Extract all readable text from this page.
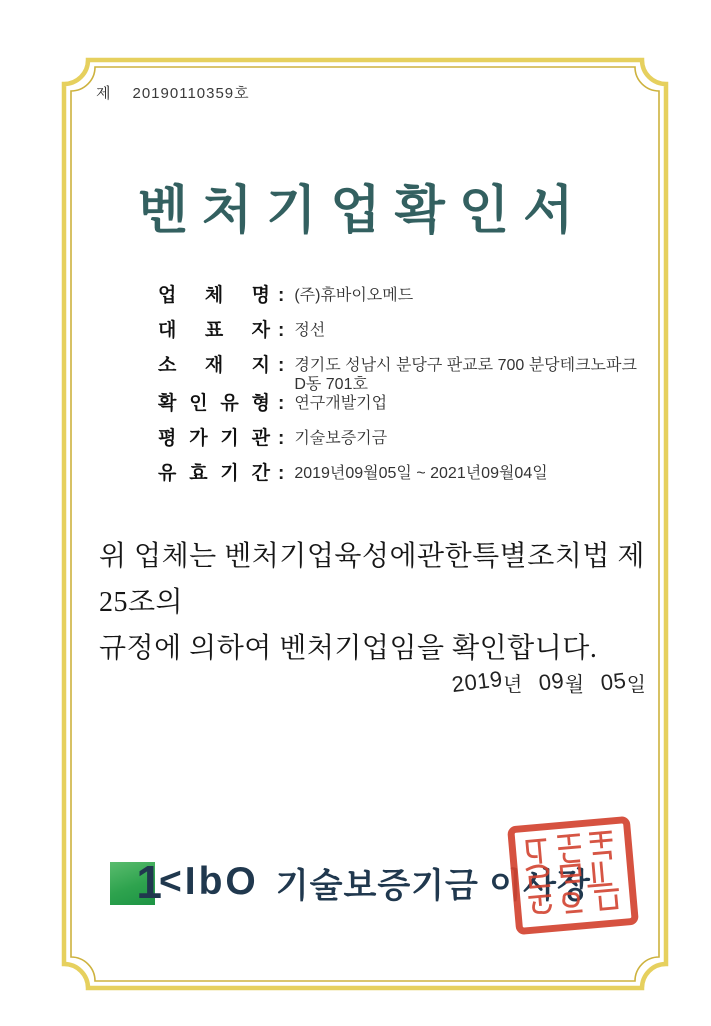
제 20190110359호
벤처기업확인서
업 체 명 : (주)휴바이오메드
대 표 자 : 정선
소 재 지 : 경기도 성남시 분당구 판교로 700 분당테크노파크 D동 701호
확 인 유 형 : 연구개발기업
평 가 기 관 : 기술보증기금
유 효 기 간 : 2019년09월05일 ~ 2021년09월04일
위 업체는 벤처기업육성에관한특별조치법 제25조의
규정에 의하여 벤처기업임을 확인합니다.
2019
년 09
월 05
일
1
<IbO 기술보증기금 이사장
